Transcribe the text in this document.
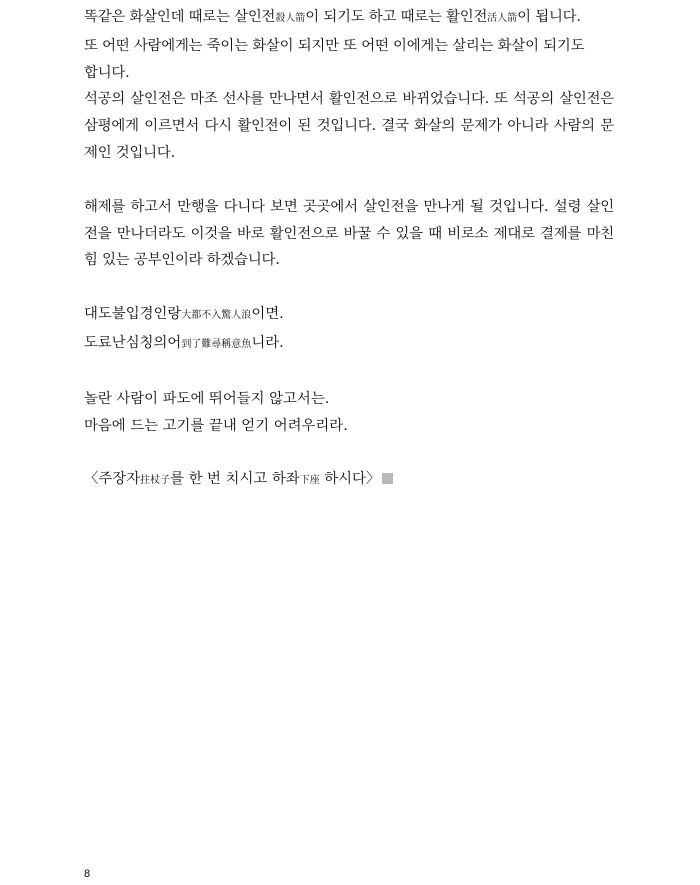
똑같은 화살인데 때로는 살인전殺人箭이 되기도 하고 때로는 활인전活人箭이 됩니다.
또 어떤 사람에게는 죽이는 화살이 되지만 또 어떤 이에게는 살리는 화살이 되기도
합니다.

석공의 살인전은 마조 선사를 만나면서 활인전으로 바뀌었습니다. 또 석공의 살인전은 삼평에게 이르면서 다시 활인전이 된 것입니다. 결국 화살의 문제가 아니라 사람의 문제인 것입니다.

해제를 하고서 만행을 다니다 보면 곳곳에서 살인전을 만나게 될 것입니다. 설령 살인전을 만나더라도 이것을 바로 활인전으로 바꿀 수 있을 때 비로소 제대로 결제를 마친 힘 있는 공부인이라 하겠습니다.

대도불입경인랑大都不入驚人浪이면.
도료난심칭의어到了難尋稱意魚니라.

놀란 사람이 파도에 뛰어들지 않고서는.
마음에 드는 고기를 끝내 얻기 어려우리라.

〈주장자拄杖子를 한 번 치시고 하좌下座 하시다〉

8
